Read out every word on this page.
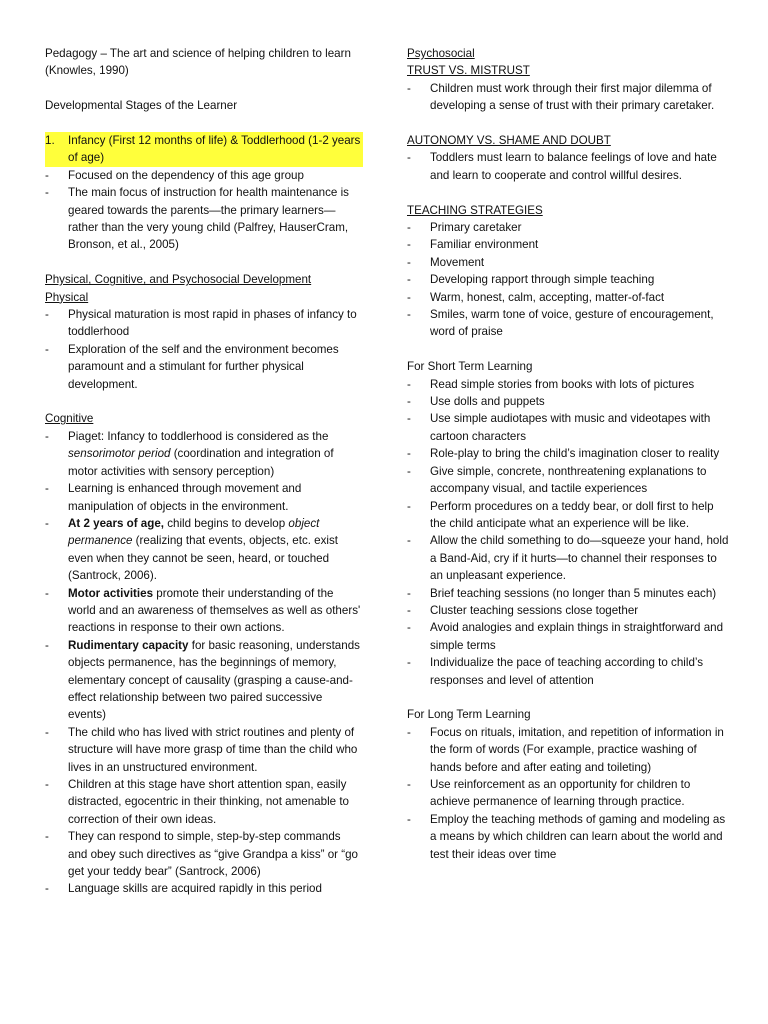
Pedagogy – The art and science of helping children to learn (Knowles, 1990)

Developmental Stages of the Learner

1.	Infancy (First 12 months of life) & Toddlerhood (1-2 years of age)
-	Focused on the dependency of this age group
-	The main focus of instruction for health maintenance is geared towards the parents—the primary learners—rather than the very young child (Palfrey, HauserCram, Bronson, et al., 2005)

Physical, Cognitive, and Psychosocial Development

Physical

-	Physical maturation is most rapid in phases of infancy to toddlerhood
-	Exploration of the self and the environment becomes paramount and a stimulant for further physical development.

Cognitive

-	Piaget: Infancy to toddlerhood is considered as the sensorimotor period (coordination and integration of motor activities with sensory perception)
-	Learning is enhanced through movement and manipulation of objects in the environment.
-	At 2 years of age, child begins to develop object permanence (realizing that events, objects, etc. exist even when they cannot be seen, heard, or touched (Santrock, 2006).
-	Motor activities promote their understanding of the world and an awareness of themselves as well as others' reactions in response to their own actions.
-	Rudimentary capacity for basic reasoning, understands objects permanence, has the beginnings of memory, elementary concept of causality (grasping a cause-and-effect relationship between two paired successive events)
-	The child who has lived with strict routines and plenty of structure will have more grasp of time than the child who lives in an unstructured environment.
-	Children at this stage have short attention span, easily distracted, egocentric in their thinking, not amenable to correction of their own ideas.
-	They can respond to simple, step-by-step commands and obey such directives as “give Grandpa a kiss” or “go get your teddy bear” (Santrock, 2006)
-	Language skills are acquired rapidly in this period

Psychosocial

TRUST VS. MISTRUST

-	Children must work through their first major dilemma of developing a sense of trust with their primary caretaker.

AUTONOMY VS. SHAME AND DOUBT

-	Toddlers must learn to balance feelings of love and hate and learn to cooperate and control willful desires.

TEACHING STRATEGIES

-	Primary caretaker
-	Familiar environment
-	Movement
-	Developing rapport through simple teaching
-	Warm, honest, calm, accepting, matter-of-fact
-	Smiles, warm tone of voice, gesture of encouragement, word of praise

For Short Term Learning

-	Read simple stories from books with lots of pictures
-	Use dolls and puppets
-	Use simple audiotapes with music and videotapes with cartoon characters
-	Role-play to bring the child’s imagination closer to reality
-	Give simple, concrete, nonthreatening explanations to accompany visual, and tactile experiences
-	Perform procedures on a teddy bear, or doll first to help the child anticipate what an experience will be like.
-	Allow the child something to do—squeeze your hand, hold a Band-Aid, cry if it hurts—to channel their responses to an unpleasant experience.
-	Brief teaching sessions (no longer than 5 minutes each)
-	Cluster teaching sessions close together
-	Avoid analogies and explain things in straightforward and simple terms
-	Individualize the pace of teaching according to child’s responses and level of attention

For Long Term Learning

-	Focus on rituals, imitation, and repetition of information in the form of words (For example, practice washing of hands before and after eating and toileting)
-	Use reinforcement as an opportunity for children to achieve permanence of learning through practice.
-	Employ the teaching methods of gaming and modeling as a means by which children can learn about the world and test their ideas over time
